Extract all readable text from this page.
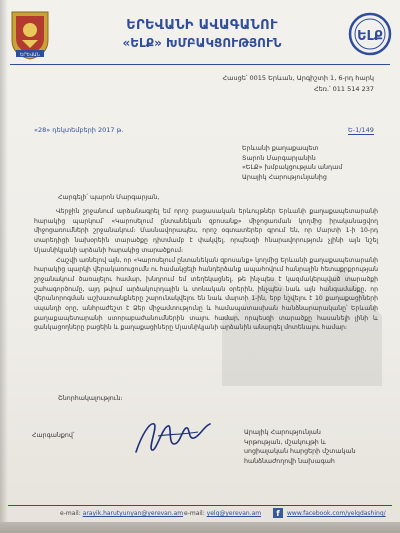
ԵՐԵՎԱՆ
ԵՐԵՎԱՆԻ ԱՎԱԳԱՆՈՒ
«ԵԼՔ» ԽՄԲԱԿՑՈՒԹՅՈՒՆ	ԵԼՔ
Հասցե՝ 0015 Երևան, Արգիշտի 1, 6-րդ հարկ
Հեռ.՝ 011 514 237
«28» դեկտեմբերի 2017 թ.	Ե-1/149
Երևանի քաղաքապետ
Տարոն Մարգարյանին
«ԵԼՔ» խմբակցության անդամ
Արայիկ Հարությունյանից
Հարգելի՛ պարոն Մարգարյան,

Վերջին շրջանում արձանագրել եմ որոշ բացասական երևույթներ Երևանի քաղաքապետարանի հարակից պարկում՝ «Կարոսելում ընտանեկան զբոսանք» միջոցառման կողմից իրականացվող միջոցառումների շրջանակում։ Մասնավորապես, որոշ օգտատերեր գրում են, որ Մարտի 1-ի 10-րդ տարեդիցի նախօրեին տարածքը դիտմամբ է փակվել, որպեսզի հնարավորություն չլինի այն նշել Մյասնիկյանի արձանի հարակից տարածքում։

Հաշվի առնելով այն, որ «Կարոսելում ընտանեկան զբոսանք» կողմից Երևանի քաղաքապետարանի հարակից պարկի վերակառուցումն ու համակցելի հանդերձանք ապահովում հանրային հետաքրքրության շրջանակում ծառայելու համար, խնդրում եմ տեղեկացնել, թե ինչպես է կազմակերպված տարածքի շահագործումը, այդ թվում արձակուրդային և տոնական օրերին, ինչպես նաև այն հանգամանքը, որ վերանորոգման աշխատանքները շարունակվելու են նաև մարտի 1-ին, երբ նշվելու է 10 քաղաքացիների սպանդի օրը, անհրաժեշտ է Ձեր միջամտությունը և համապատասխան հանձնարարականը՝ Երևանի քաղաքապետարանի ստորաբաժանումներին տալու համար, որպեսզի տարածքը հասանելի լինի և ցանկացողները բացեին և քաղաքացիները Մյասնիկյանի արձանին անարգել մոտենալու համար։

Շնորհակալություն։
Հարգանքով՝	Արայիկ Հարությունյան
Կրթության, մշակույթի և
սոցիալական հարցերի մշտական
հանձնաժողովի նախագահ
e-mail: arayik.harutyunyan@yerevan.am e-mail: yelq@yerevan.am	f	www.facebook.com/yelqdashinq/
